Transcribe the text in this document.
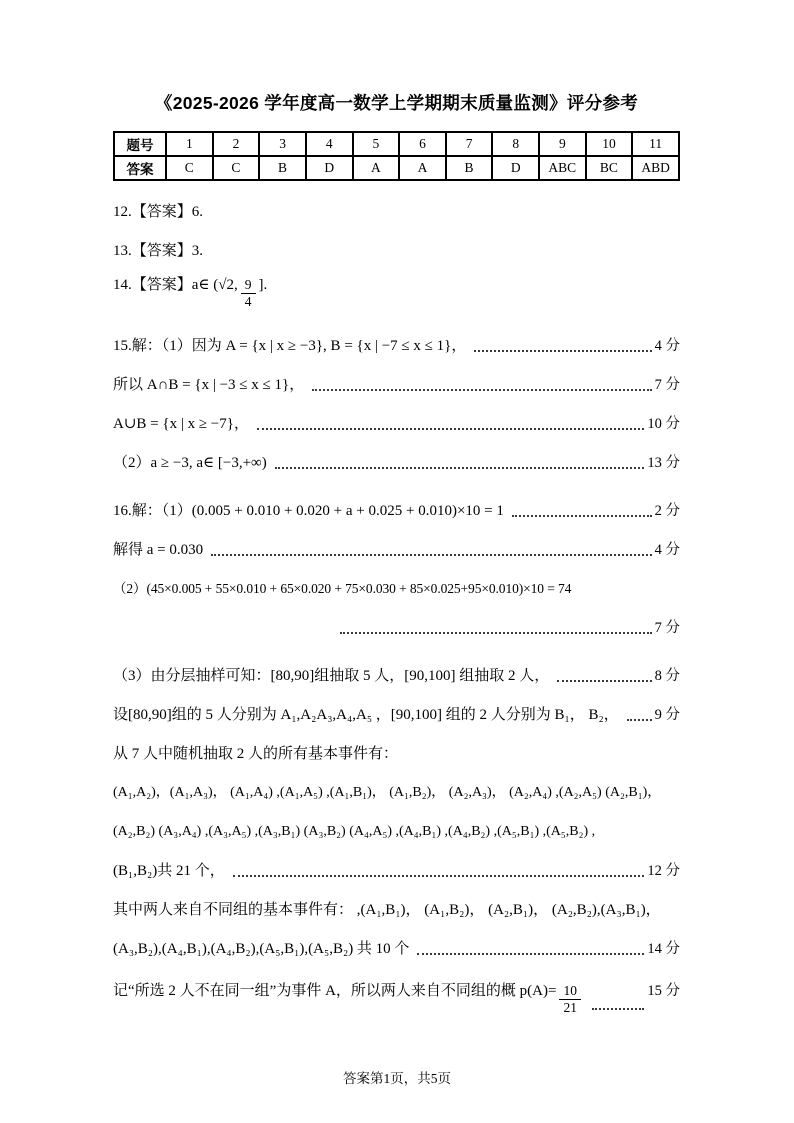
《2025-2026 学年度高一数学上学期期末质量监测》评分参考
题号	1	2	3	4	5	6	7	8	9	10	11
答案	C	C	B	D	A	A	B	D	ABC	BC	ABD
12.【答案】6.
13.【答案】3.
14.【答案】a∈ (√2, $\frac{9}{4}$ ].
15.解：（1）因为 A = {x | x ≥ −3}, B = {x | −7 ≤ x ≤ 1}，	4 分
所以 A∩B = {x | −3 ≤ x ≤ 1}，	7 分
A∪B = {x | x ≥ −7}，	10 分
（2）a ≥ −3, a∈ [−3,+∞)	13 分
16.解：（1）(0.005 + 0.010 + 0.020 + a + 0.025 + 0.010)×10 = 1	2 分
解得 a = 0.030	4 分
（2）(45×0.005 + 55×0.010 + 65×0.020 + 75×0.030 + 85×0.025+95×0.010)×10 = 74
7 分
（3）由分层抽样可知：[80,90]组抽取 5 人，[90,100] 组抽取 2 人，	8 分
设[80,90]组的 5 人分别为 A₁,A₂A₃,A₄,A₅ ，[90,100] 组的 2 人分别为 B₁， B₂， 9 分
从 7 人中随机抽取 2 人的所有基本事件有：
(A₁,A₂)，(A₁,A₃)， (A₁,A₄) ,(A₁,A₅) ,(A₁,B₁)， (A₁,B₂)， (A₂,A₃)， (A₂,A₄) ,(A₂,A₅) (A₂,B₁)，
(A₂,B₂) (A₃,A₄) ,(A₃,A₅) ,(A₃,B₁) (A₃,B₂) (A₄,A₅) ,(A₄,B₁) ,(A₄,B₂) ,(A₅,B₁) ,(A₅,B₂) ,
(B₁,B₂)共 21 个，	12 分
其中两人来自不同组的基本事件有： ,(A₁,B₁)， (A₁,B₂)， (A₂,B₁)， (A₂,B₂),(A₃,B₁)，
(A₃,B₂),(A₄,B₁),(A₄,B₂),(A₅,B₁),(A₅,B₂) 共 10 个	14 分
记“所选 2 人不在同一组”为事件 A，所以两人来自不同组的概 $p(A)= \frac{10}{21}$	15 分
答案第1页，共5页
